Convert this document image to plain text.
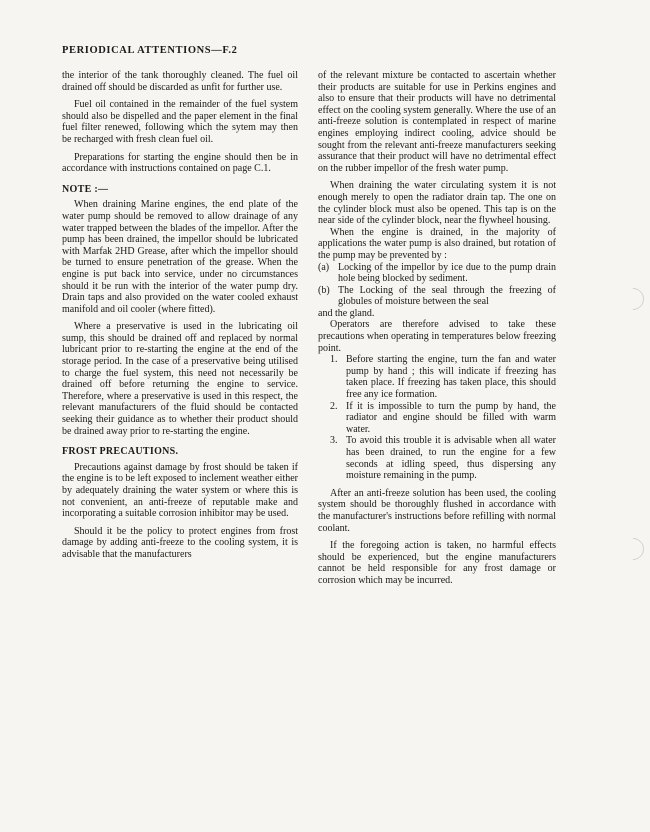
PERIODICAL ATTENTIONS—F.2

the interior of the tank thoroughly cleaned. The fuel oil drained off should be discarded as unfit for further use.

Fuel oil contained in the remainder of the fuel system should also be dispelled and the paper element in the final fuel filter renewed, following which the sytem may then be recharged with fresh clean fuel oil.

Preparations for starting the engine should then be in accordance with instructions contained on page C.1.

NOTE :—

When draining Marine engines, the end plate of the water pump should be removed to allow drainage of any water trapped between the blades of the impellor. After the pump has been drained, the impellor should be lubricated with Marfak 2HD Grease, after which the impellor should be turned to ensure penetration of the grease. When the engine is put back into service, under no circumstances should it be run with the interior of the water pump dry. Drain taps and also provided on the water cooled exhaust manifold and oil cooler (where fitted).

Where a preservative is used in the lubricating oil sump, this should be drained off and replaced by normal lubricant prior to re-starting the engine at the end of the storage period. In the case of a preservative being utilised to charge the fuel system, this need not necessarily be drained off before returning the engine to service. Therefore, where a preservative is used in this respect, the relevant manufacturers of the fluid should be contacted seeking their guidance as to whether their product should be drained away prior to re-starting the engine.

FROST PRECAUTIONS.

Precautions against damage by frost should be taken if the engine is to be left exposed to inclement weather either by adequately draining the water system or where this is not convenient, an anti-freeze of reputable make and incorporating a suitable corrosion inhibitor may be used.

Should it be the policy to protect engines from frost damage by adding anti-freeze to the cooling system, it is advisable that the manufacturers

of the relevant mixture be contacted to ascertain whether their products are suitable for use in Perkins engines and also to ensure that their products will have no detrimental effect on the cooling system generally. Where the use of an anti-freeze solution is contemplated in respect of marine engines employing indirect cooling, advice should be sought from the relevant anti-freeze manufacturers seeking assurance that their product will have no detrimental effect on the rubber impellor of the fresh water pump.

When draining the water circulating system it is not enough merely to open the radiator drain tap. The one on the cylinder block must also be opened. This tap is on the near side of the cylinder block, near the flywheel housing.

When the engine is drained, in the majority of applications the water pump is also drained, but rotation of the pump may be prevented by :

(a) Locking of the impellor by ice due to the pump drain hole being blocked by sediment.
(b) The Locking of the seal through the freezing of globules of moisture between the seal

and the gland.

Operators are therefore advised to take these precautions when operating in temperatures below freezing point.

1. Before starting the engine, turn the fan and water pump by hand ; this will indicate if freezing has taken place. If freezing has taken place, this should free any ice formation.
2. If it is impossible to turn the pump by hand, the radiator and engine should be filled with warm water.
3. To avoid this trouble it is advisable when all water has been drained, to run the engine for a few seconds at idling speed, thus dispersing any moisture remaining in the pump.

After an anti-freeze solution has been used, the cooling system should be thoroughly flushed in accordance with the manufacturer's instructions before refilling with normal coolant.

If the foregoing action is taken, no harmful effects should be experienced, but the engine manufacturers cannot be held responsible for any frost damage or corrosion which may be incurred.
